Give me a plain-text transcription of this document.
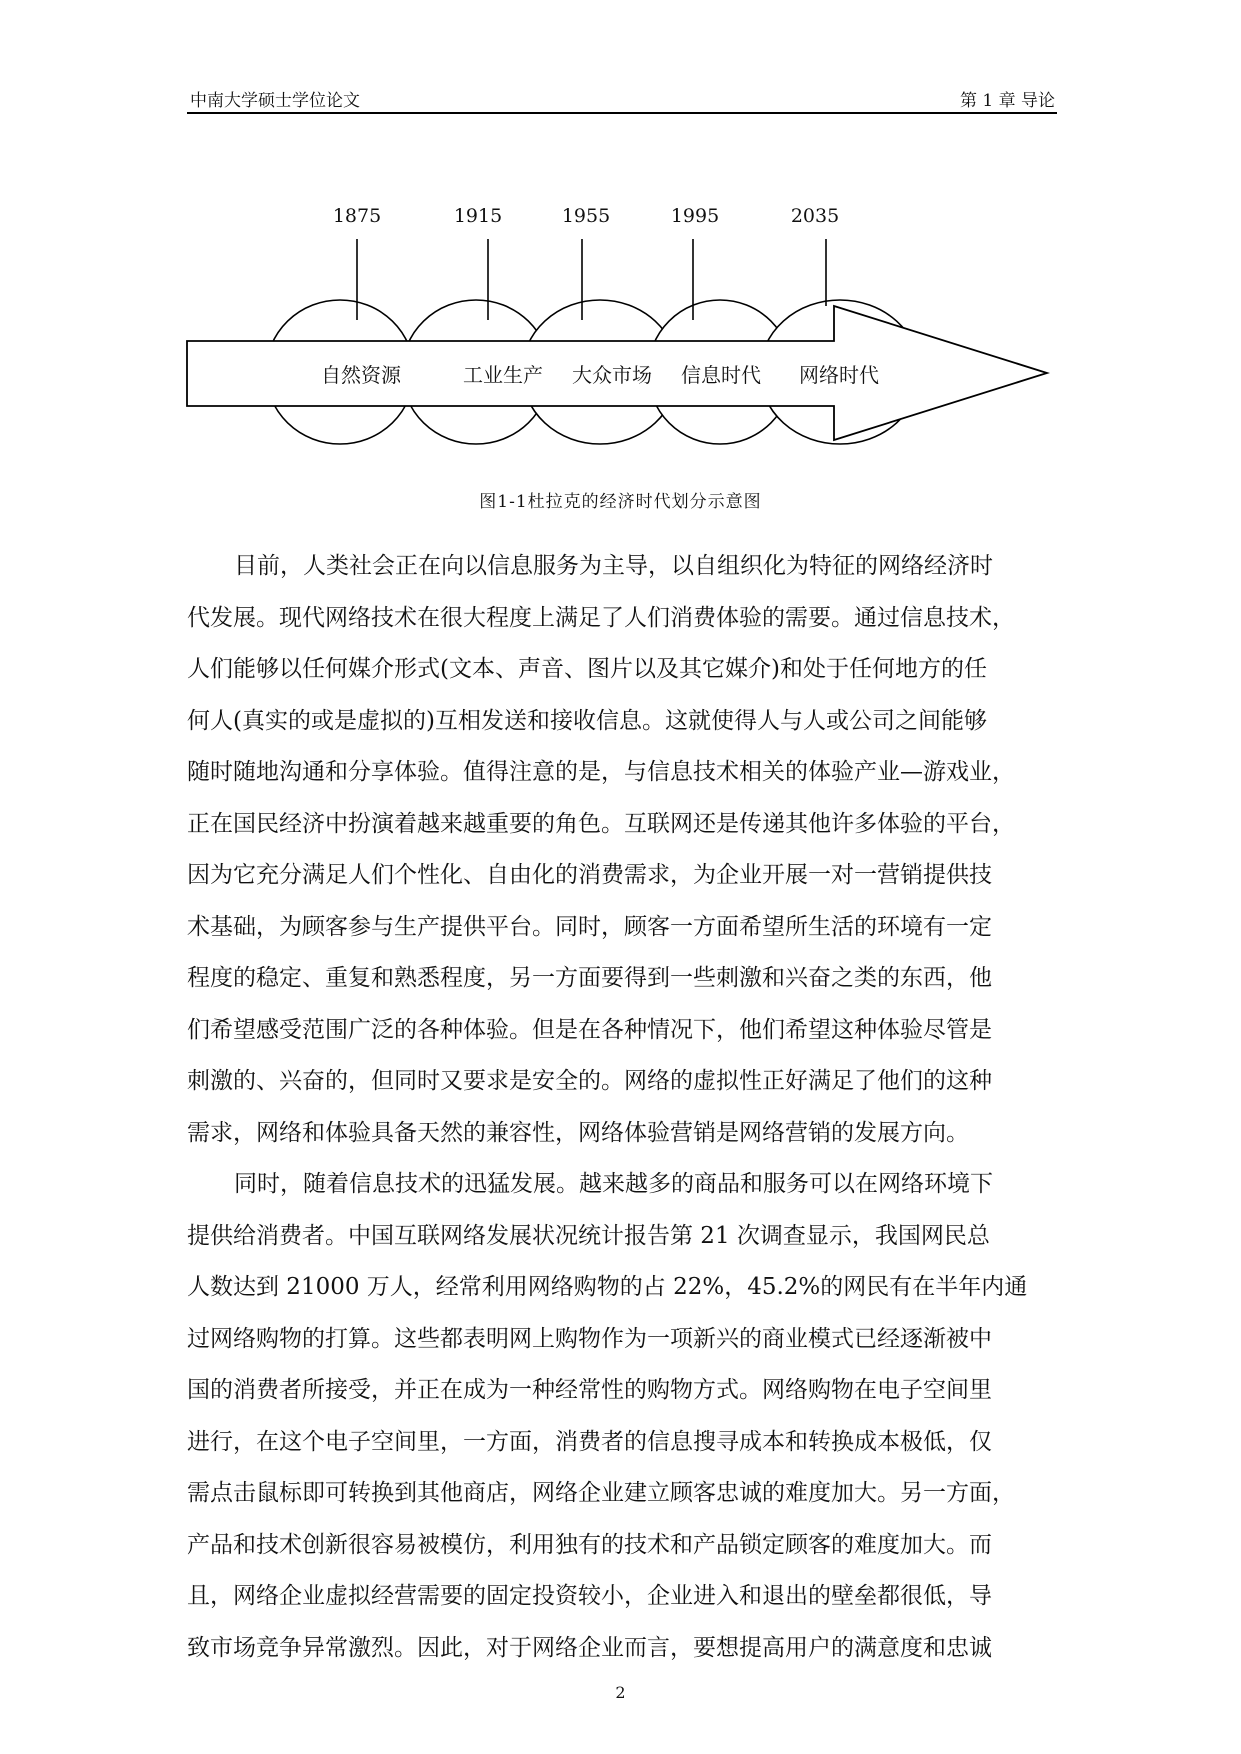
中南大学硕士学位论文	第 1 章 导论
1875	1915	1955	1995	2035
自然资源	工业生产 大众市场 信息时代 网络时代
图1-1杜拉克的经济时代划分示意图
目前，人类社会正在向以信息服务为主导，以自组织化为特征的网络经济时
代发展。现代网络技术在很大程度上满足了人们消费体验的需要。通过信息技术，
人们能够以任何媒介形式(文本、声音、图片以及其它媒介)和处于任何地方的任
何人(真实的或是虚拟的)互相发送和接收信息。这就使得人与人或公司之间能够
随时随地沟通和分享体验。值得注意的是，与信息技术相关的体验产业—游戏业，
正在国民经济中扮演着越来越重要的角色。互联网还是传递其他许多体验的平台，
因为它充分满足人们个性化、自由化的消费需求，为企业开展一对一营销提供技
术基础，为顾客参与生产提供平台。同时，顾客一方面希望所生活的环境有一定
程度的稳定、重复和熟悉程度，另一方面要得到一些刺激和兴奋之类的东西，他
们希望感受范围广泛的各种体验。但是在各种情况下，他们希望这种体验尽管是
刺激的、兴奋的，但同时又要求是安全的。网络的虚拟性正好满足了他们的这种
需求，网络和体验具备天然的兼容性，网络体验营销是网络营销的发展方向。
同时，随着信息技术的迅猛发展。越来越多的商品和服务可以在网络环境下
提供给消费者。中国互联网络发展状况统计报告第 21 次调查显示，我国网民总
人数达到 21000 万人，经常利用网络购物的占 22%，45.2%的网民有在半年内通
过网络购物的打算。这些都表明网上购物作为一项新兴的商业模式已经逐渐被中
国的消费者所接受，并正在成为一种经常性的购物方式。网络购物在电子空间里
进行，在这个电子空间里，一方面，消费者的信息搜寻成本和转换成本极低，仅
需点击鼠标即可转换到其他商店，网络企业建立顾客忠诚的难度加大。另一方面，
产品和技术创新很容易被模仿，利用独有的技术和产品锁定顾客的难度加大。而
且，网络企业虚拟经营需要的固定投资较小，企业进入和退出的壁垒都很低，导
致市场竞争异常激烈。因此，对于网络企业而言，要想提高用户的满意度和忠诚
2
